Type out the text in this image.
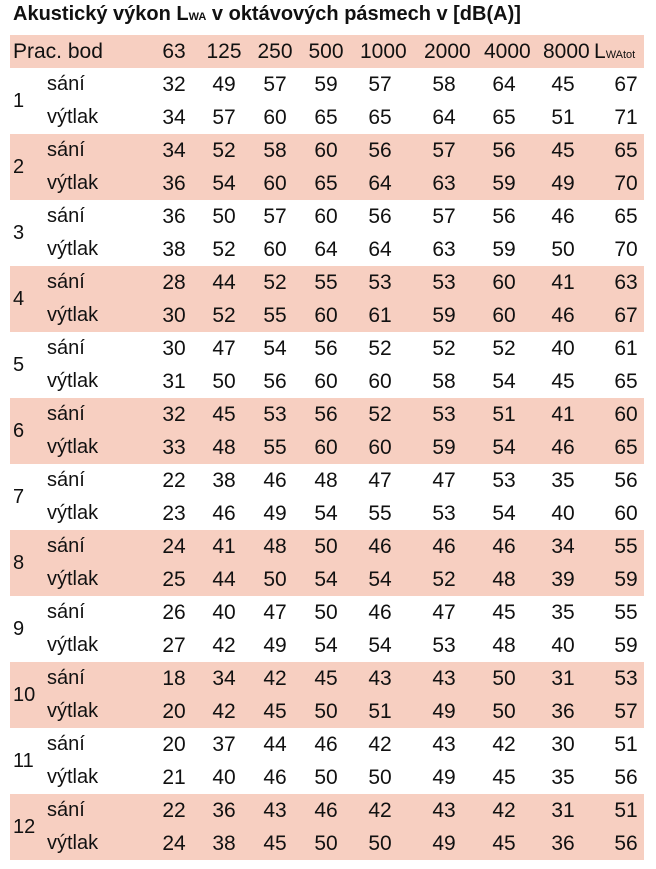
Akustický výkon LWA v oktávových pásmech v [dB(A)]
Prac. bod	63 125 250 500 1000 2000 4000 8000 LWAtot
1
sání	32	49	57	59	57	58	64	45	67
výtlak	34	57	60	65	65	64	65	51	71
2
sání	34	52	58	60	56	57	56	45	65
výtlak	36	54	60	65	64	63	59	49	70
3
sání	36	50	57	60	56	57	56	46	65
výtlak	38	52	60	64	64	63	59	50	70
4
sání	28	44	52	55	53	53	60	41	63
výtlak	30	52	55	60	61	59	60	46	67
5
sání	30	47	54	56	52	52	52	40	61
výtlak	31	50	56	60	60	58	54	45	65
6
sání	32	45	53	56	52	53	51	41	60
výtlak	33	48	55	60	60	59	54	46	65
7
sání	22	38	46	48	47	47	53	35	56
výtlak	23	46	49	54	55	53	54	40	60
8
sání	24	41	48	50	46	46	46	34	55
výtlak	25	44	50	54	54	52	48	39	59
9
sání	26	40	47	50	46	47	45	35	55
výtlak	27	42	49	54	54	53	48	40	59
10
sání	18	34	42	45	43	43	50	31	53
výtlak	20	42	45	50	51	49	50	36	57
11
sání	20	37	44	46	42	43	42	30	51
výtlak	21	40	46	50	50	49	45	35	56
12
sání	22	36	43	46	42	43	42	31	51
výtlak	24	38	45	50	50	49	45	36	56
